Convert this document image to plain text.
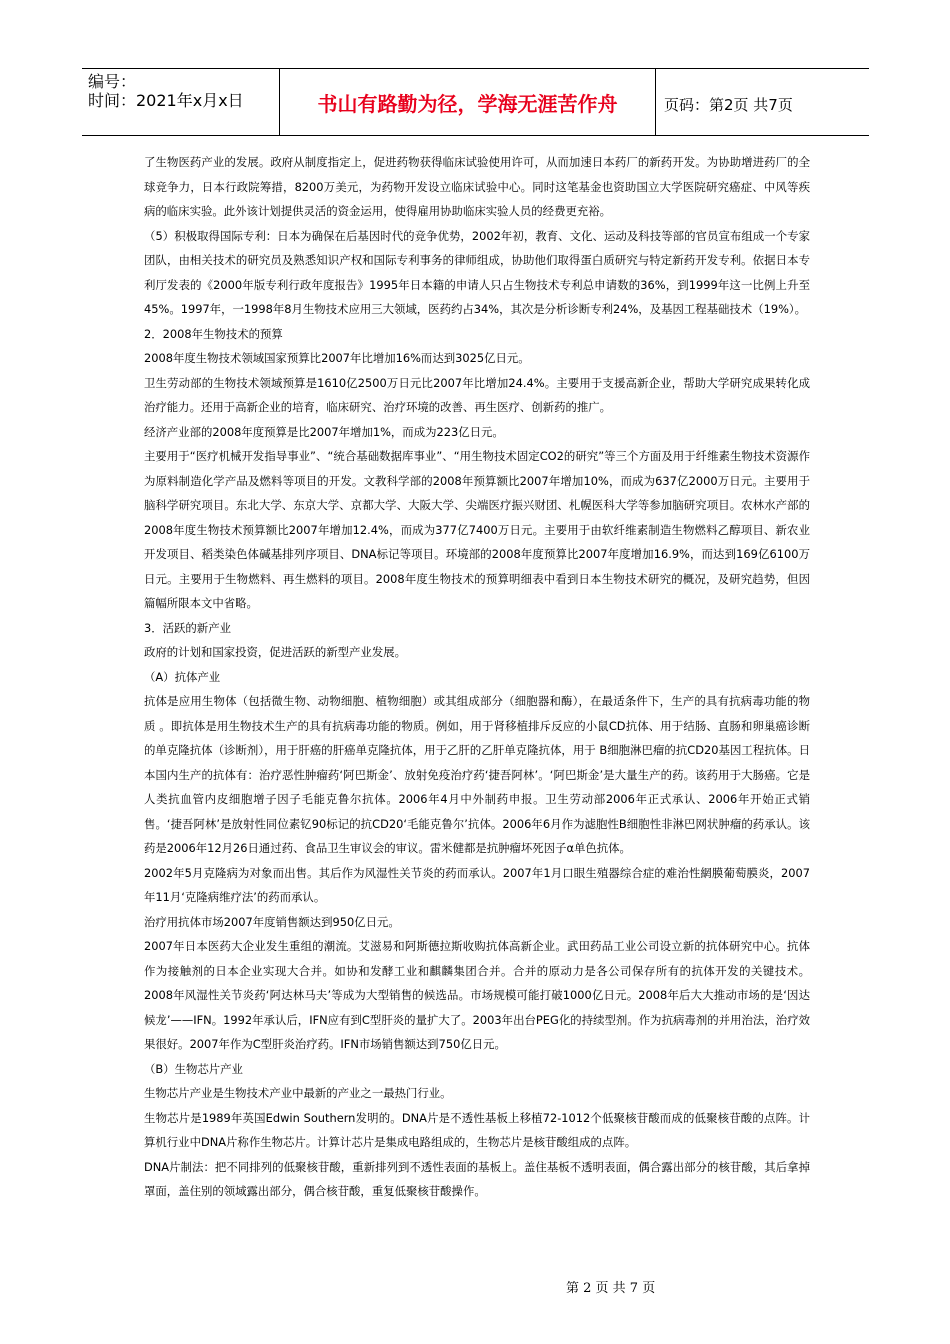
编号：
时间：2021年x月x日	书山有路勤为径，学海无涯苦作舟	页码：第2页 共7页

了生物医药产业的发展。政府从制度指定上，促进药物获得临床试验使用许可，从而加速日本药厂的新药开发。为协助增进药厂的全球竞争力，日本行政院筹措，8200万美元，为药物开发设立临床试验中心。同时这笔基金也资助国立大学医院研究癌症、中风等疾病的临床实验。此外该计划提供灵活的资金运用，使得雇用协助临床实验人员的经费更充裕。

（5）积极取得国际专利：日本为确保在后基因时代的竞争优势，2002年初，教育、文化、运动及科技等部的官员宣布组成一个专家团队，由相关技术的研究员及熟悉知识产权和国际专利事务的律师组成，协助他们取得蛋白质研究与特定新药开发专利。依据日本专利厅发表的《2000年版专利行政年度报告》1995年日本籍的申请人只占生物技术专利总申请数的36%，到1999年这一比例上升至45%。1997年，一1998年8月生物技术应用三大领域，医药约占34%，其次是分析诊断专利24%，及基因工程基础技术（19%）。

2．2008年生物技术的预算

2008年度生物技术领域国家预算比2007年比增加16%而达到3025亿日元。

卫生劳动部的生物技术领域预算是1610亿2500万日元比2007年比增加24.4%。主要用于支援高新企业，帮助大学研究成果转化成治疗能力。还用于高新企业的培育，临床研究、治疗环境的改善、再生医疗、创新药的推广。

经济产业部的2008年度预算是比2007年增加1%，而成为223亿日元。

主要用于“医疗机械开发指导事业”、“统合基础数据库事业”、“用生物技术固定CO2的研究”等三个方面及用于纤维素生物技术资源作为原料制造化学产品及燃料等项目的开发。文教科学部的2008年预算额比2007年增加10%，而成为637亿2000万日元。主要用于脑科学研究项目。东北大学、东京大学、京都大学、大阪大学、尖端医疗振兴财团、札幌医科大学等参加脑研究项目。农林水产部的2008年度生物技术预算额比2007年增加12.4%，而成为377亿7400万日元。主要用于由软纤维素制造生物燃料乙醇项目、新农业开发项目、稻类染色体碱基排列序项目、DNA标记等项目。环境部的2008年度预算比2007年度增加16.9%，而达到169亿6100万日元。主要用于生物燃料、再生燃料的项目。2008年度生物技术的预算明细表中看到日本生物技术研究的概况，及研究趋势，但因篇幅所限本文中省略。

3．活跃的新产业

政府的计划和国家投资，促进活跃的新型产业发展。

（A）抗体产业

抗体是应用生物体（包括微生物、动物细胞、植物细胞）或其组成部分（细胞器和酶），在最适条件下，生产的具有抗病毒功能的物质 。即抗体是用生物技术生产的具有抗病毒功能的物质。例如，用于肾移植排斥反应的小鼠CD抗体、用于结肠、直肠和卵巢癌诊断的单克隆抗体（诊断剂），用于肝癌的肝癌单克隆抗体，用于乙肝的乙肝单克隆抗体，用于 B细胞淋巴瘤的抗CD20基因工程抗体。日本国内生产的抗体有：治疗恶性肿瘤药‘阿巴斯金’、放射免疫治疗药‘捷吾阿林’。‘阿巴斯金’是大量生产的药。该药用于大肠癌。它是人类抗血管内皮细胞增子因子毛能克鲁尔抗体。2006年4月中外制药申报。卫生劳动部2006年正式承认、2006年开始正式销售。‘捷吾阿林’是放射性同位素钇90标记的抗CD20‘毛能克鲁尔’抗体。2006年6月作为滤胞性B细胞性非淋巴网状肿瘤的药承认。该药是2006年12月26日通过药、食品卫生审议会的审议。雷米健都是抗肿瘤坏死因子α单色抗体。

2002年5月克隆病为对象而出售。其后作为风湿性关节炎的药而承认。2007年1月口眼生殖器综合症的难治性網膜葡萄膜炎，2007年11月‘克隆病维疗法’的药而承认。

治疗用抗体市场2007年度销售额达到950亿日元。

2007年日本医药大企业发生重组的潮流。艾滋易和阿斯德拉斯收购抗体高新企业。武田药品工业公司设立新的抗体研究中心。抗体作为接触剂的日本企业实现大合并。如协和发酵工业和麒麟集团合并。合并的原动力是各公司保存所有的抗体开发的关键技术。2008年风湿性关节炎药‘阿达林马夫’等成为大型销售的候选品。市场规模可能打破1000亿日元。2008年后大大推动市场的是‘因达候龙’——IFN。1992年承认后，IFN应有到C型肝炎的量扩大了。2003年出台PEG化的持续型剂。作为抗病毒剂的并用治法，治疗效果很好。2007年作为C型肝炎治疗药。IFN市场销售额达到750亿日元。

（B）生物芯片产业

生物芯片产业是生物技术产业中最新的产业之一最热门行业。

生物芯片是1989年英国Edwin Southern发明的。DNA片是不透性基板上移植72-1012个低聚核苷酸而成的低聚核苷酸的点阵。计算机行业中DNA片称作生物芯片。计算计芯片是集成电路组成的，生物芯片是核苷酸组成的点阵。

DNA片制法：把不同排列的低聚核苷酸，重新排列到不透性表面的基板上。盖住基板不透明表面，偶合露出部分的核苷酸，其后拿掉罩面，盖住别的领域露出部分，偶合核苷酸，重复低聚核苷酸操作。

第 2 页 共 7 页
